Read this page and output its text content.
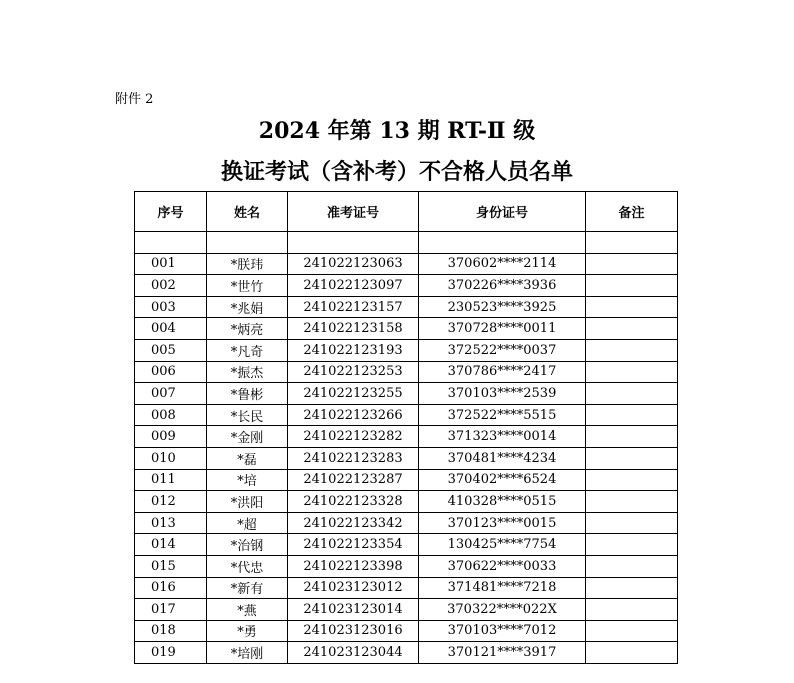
附件 2
2024 年第 13 期 RT-Ⅱ 级
换证考试（含补考）不合格人员名单
序号	姓名	准考证号	身份证号	备注

001	*朕玮	241022123063	370602****2114	
002	*世竹	241022123097	370226****3936	
003	*兆娟	241022123157	230523****3925	
004	*炳亮	241022123158	370728****0011	
005	*凡奇	241022123193	372522****0037	
006	*振杰	241022123253	370786****2417	
007	*鲁彬	241022123255	370103****2539	
008	*长民	241022123266	372522****5515	
009	*金刚	241022123282	371323****0014	
010	*磊	241022123283	370481****4234	
011	*培	241022123287	370402****6524	
012	*洪阳	241022123328	410328****0515	
013	*超	241022123342	370123****0015	
014	*治钢	241022123354	130425****7754	
015	*代忠	241022123398	370622****0033	
016	*新有	241023123012	371481****7218	
017	*燕	241023123014	370322****022X	
018	*勇	241023123016	370103****7012	
019	*培刚	241023123044	370121****3917	
